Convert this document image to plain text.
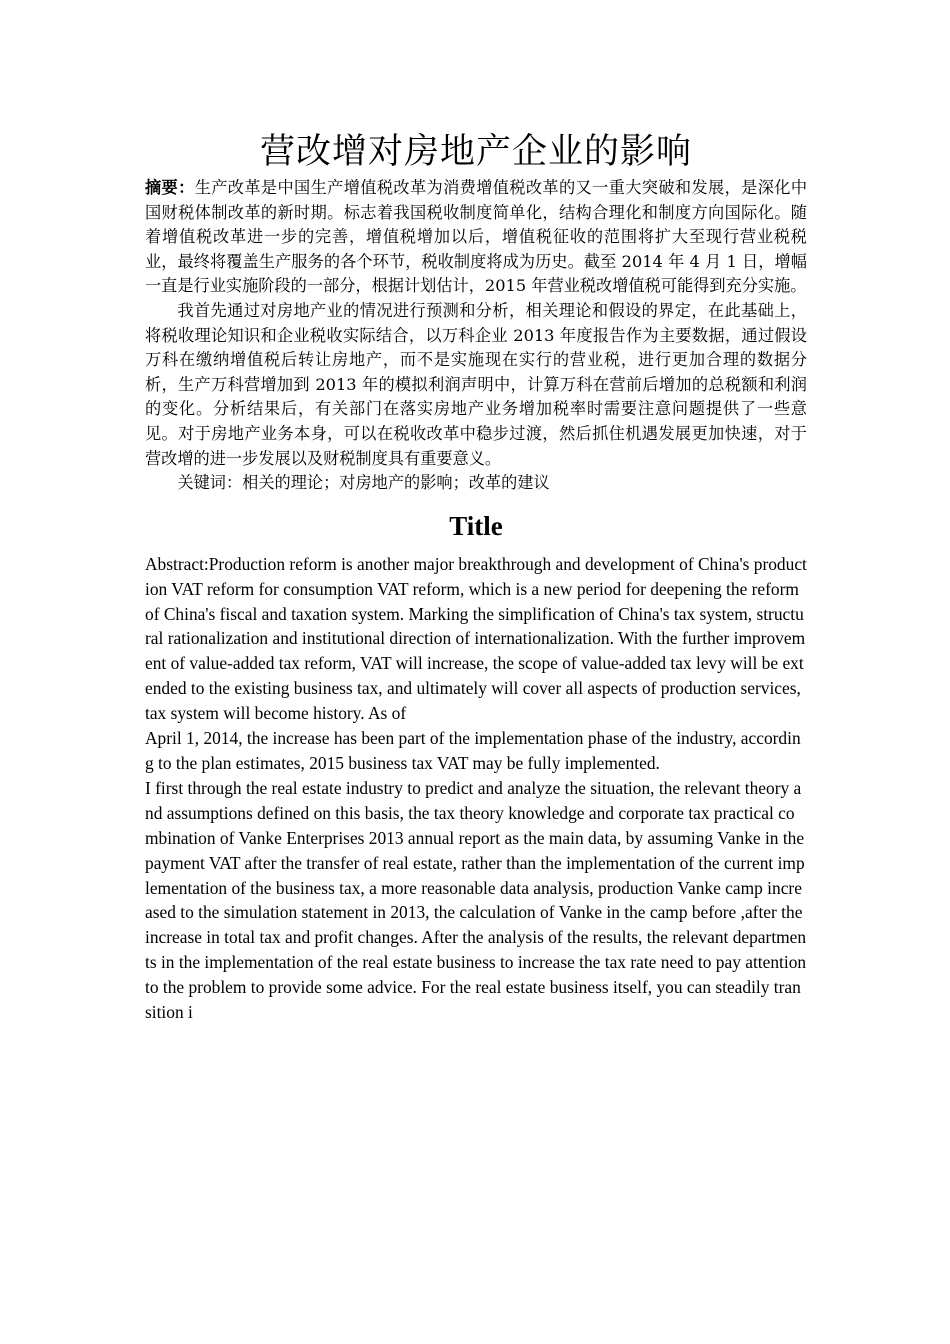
营改增对房地产企业的影响

摘要：生产改革是中国生产增值税改革为消费增值税改革的又一重大突破和发展，是深化中国财税体制改革的新时期。标志着我国税收制度简单化，结构合理化和制度方向国际化。随着增值税改革进一步的完善，增值税增加以后，增值税征收的范围将扩大至现行营业税税业，最终将覆盖生产服务的各个环节，税收制度将成为历史。截至 2014 年 4 月 1 日，增幅一直是行业实施阶段的一部分，根据计划估计，2015 年营业税改增值税可能得到充分实施。

我首先通过对房地产业的情况进行预测和分析，相关理论和假设的界定，在此基础上，将税收理论知识和企业税收实际结合，以万科企业 2013 年度报告作为主要数据，通过假设万科在缴纳增值税后转让房地产，而不是实施现在实行的营业税，进行更加合理的数据分析，生产万科营增加到 2013 年的模拟利润声明中，计算万科在营前后增加的总税额和利润的变化。分析结果后，有关部门在落实房地产业务增加税率时需要注意问题提供了一些意见。对于房地产业务本身，可以在税收改革中稳步过渡，然后抓住机遇发展更加快速，对于营改增的进一步发展以及财税制度具有重要意义。

关键词：相关的理论；对房地产的影响；改革的建议

Title

Abstract:Production reform is another major breakthrough and development of China's production VAT reform for consumption VAT reform, which is a new period for deepening the reform of China's fiscal and taxation system. Marking the simplification of China's tax system, structural rationalization and institutional direction of internationalization. With the further improvement of value-added tax reform, VAT will increase, the scope of value-added tax levy will be extended to the existing business tax, and ultimately will cover all aspects of production services, tax system will become history. As of

April 1, 2014, the increase has been part of the implementation phase of the industry, according to the plan estimates, 2015 business tax VAT may be fully implemented.

I first through the real estate industry to predict and analyze the situation, the relevant theory and assumptions defined on this basis, the tax theory knowledge and corporate tax practical combination of Vanke Enterprises 2013 annual report as the main data, by assuming Vanke in the payment VAT after the transfer of real estate, rather than the implementation of the current implementation of the business tax, a more reasonable data analysis, production Vanke camp increased to the simulation statement in 2013, the calculation of Vanke in the camp before ,after the increase in total tax and profit changes. After the analysis of the results, the relevant departments in the implementation of the real estate business to increase the tax rate need to pay attention to the problem to provide some advice. For the real estate business itself, you can steadily transition i
